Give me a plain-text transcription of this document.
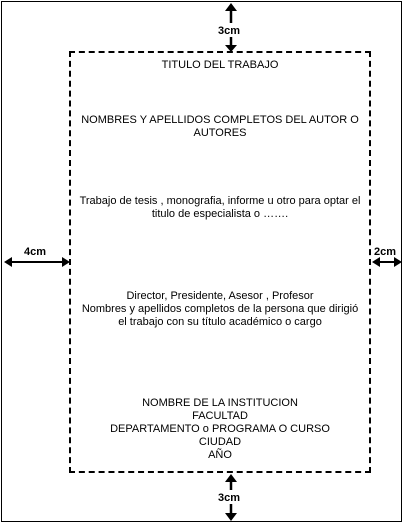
3cm
3cm
4cm	2cm
TITULO DEL TRABAJO
NOMBRES Y APELLIDOS COMPLETOS DEL AUTOR O
AUTORES
Trabajo de tesis , monografia, informe u otro para optar el
titulo de especialista o …….
Director, Presidente, Asesor , Profesor
Nombres y apellidos completos de la persona que dirigió
el trabajo con su título académico o cargo
NOMBRE DE LA INSTITUCION
FACULTAD
DEPARTAMENTO o PROGRAMA O CURSO
CIUDAD
AÑO
